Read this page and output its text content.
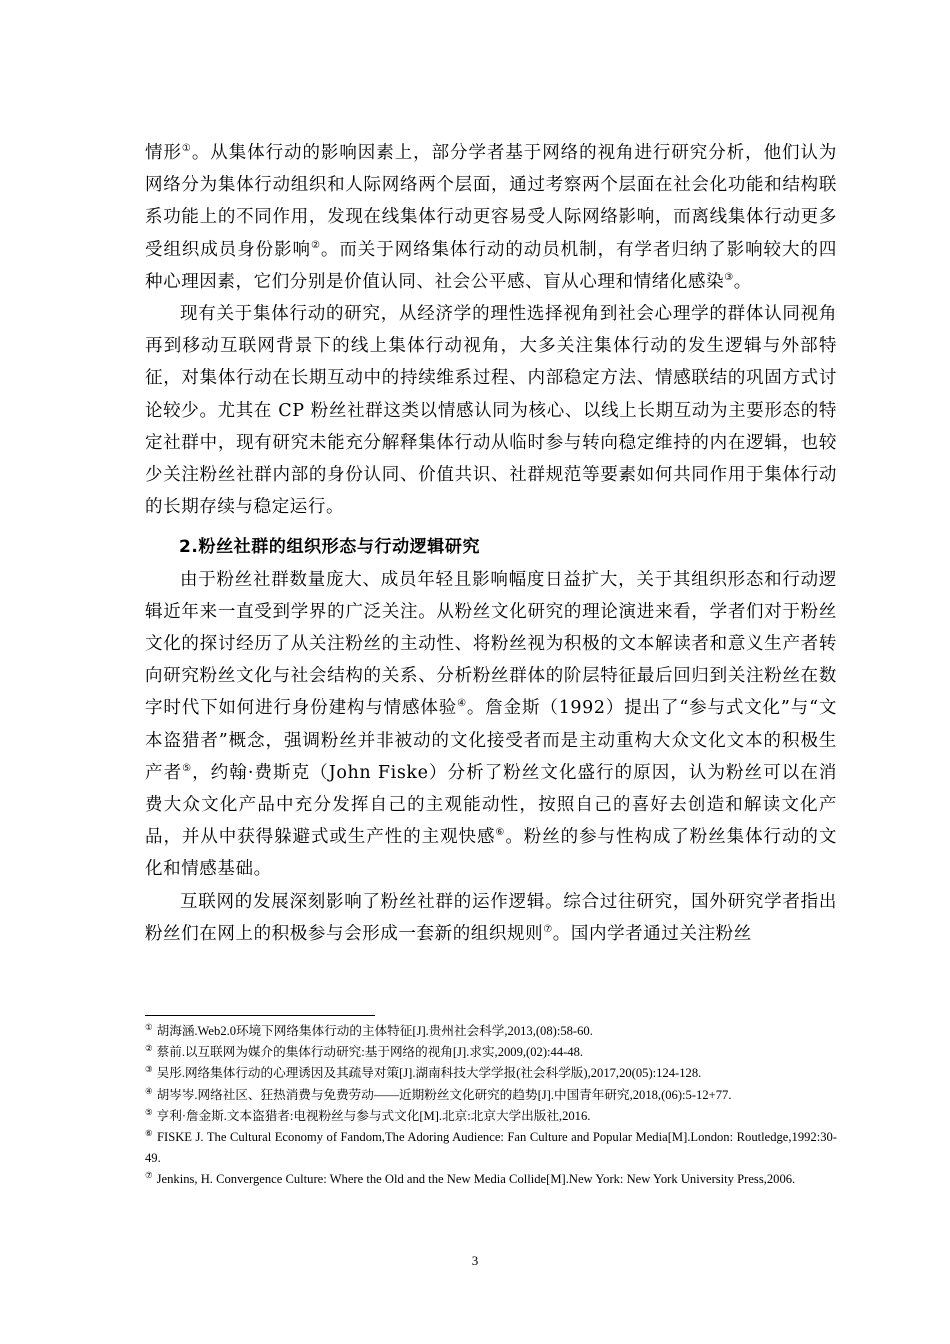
情形①。从集体行动的影响因素上，部分学者基于网络的视角进行研究分析，他们认为网络分为集体行动组织和人际网络两个层面，通过考察两个层面在社会化功能和结构联系功能上的不同作用，发现在线集体行动更容易受人际网络影响，而离线集体行动更多受组织成员身份影响②。而关于网络集体行动的动员机制，有学者归纳了影响较大的四种心理因素，它们分别是价值认同、社会公平感、盲从心理和情绪化感染③。

现有关于集体行动的研究，从经济学的理性选择视角到社会心理学的群体认同视角再到移动互联网背景下的线上集体行动视角，大多关注集体行动的发生逻辑与外部特征，对集体行动在长期互动中的持续维系过程、内部稳定方法、情感联结的巩固方式讨论较少。尤其在 CP 粉丝社群这类以情感认同为核心、以线上长期互动为主要形态的特定社群中，现有研究未能充分解释集体行动从临时参与转向稳定维持的内在逻辑，也较少关注粉丝社群内部的身份认同、价值共识、社群规范等要素如何共同作用于集体行动的长期存续与稳定运行。

2.粉丝社群的组织形态与行动逻辑研究

由于粉丝社群数量庞大、成员年轻且影响幅度日益扩大，关于其组织形态和行动逻辑近年来一直受到学界的广泛关注。从粉丝文化研究的理论演进来看，学者们对于粉丝文化的探讨经历了从关注粉丝的主动性、将粉丝视为积极的文本解读者和意义生产者转向研究粉丝文化与社会结构的关系、分析粉丝群体的阶层特征最后回归到关注粉丝在数字时代下如何进行身份建构与情感体验④。詹金斯（1992）提出了“参与式文化”与“文本盗猎者”概念，强调粉丝并非被动的文化接受者而是主动重构大众文化文本的积极生产者⑤，约翰·费斯克（John Fiske）分析了粉丝文化盛行的原因，认为粉丝可以在消费大众文化产品中充分发挥自己的主观能动性，按照自己的喜好去创造和解读文化产品，并从中获得躲避式或生产性的主观快感⑥。粉丝的参与性构成了粉丝集体行动的文化和情感基础。

互联网的发展深刻影响了粉丝社群的运作逻辑。综合过往研究，国外研究学者指出粉丝们在网上的积极参与会形成一套新的组织规则⑦。国内学者通过关注粉丝

① 胡海涵.Web2.0环境下网络集体行动的主体特征[J].贵州社会科学,2013,(08):58-60.

② 蔡前.以互联网为媒介的集体行动研究:基于网络的视角[J].求实,2009,(02):44-48.

③ 吴彤.网络集体行动的心理诱因及其疏导对策[J].湖南科技大学学报(社会科学版),2017,20(05):124-128.

④ 胡岑岑.网络社区、狂热消费与免费劳动——近期粉丝文化研究的趋势[J].中国青年研究,2018,(06):5-12+77.

⑤ 亨利·詹金斯.文本盗猎者:电视粉丝与参与式文化[M].北京:北京大学出版社,2016.

⑥ FISKE J. The Cultural Economy of Fandom,The Adoring Audience: Fan Culture and Popular Media[M].London: Routledge,1992:30-49.

⑦ Jenkins, H. Convergence Culture: Where the Old and the New Media Collide[M].New York: New York University Press,2006.

3
